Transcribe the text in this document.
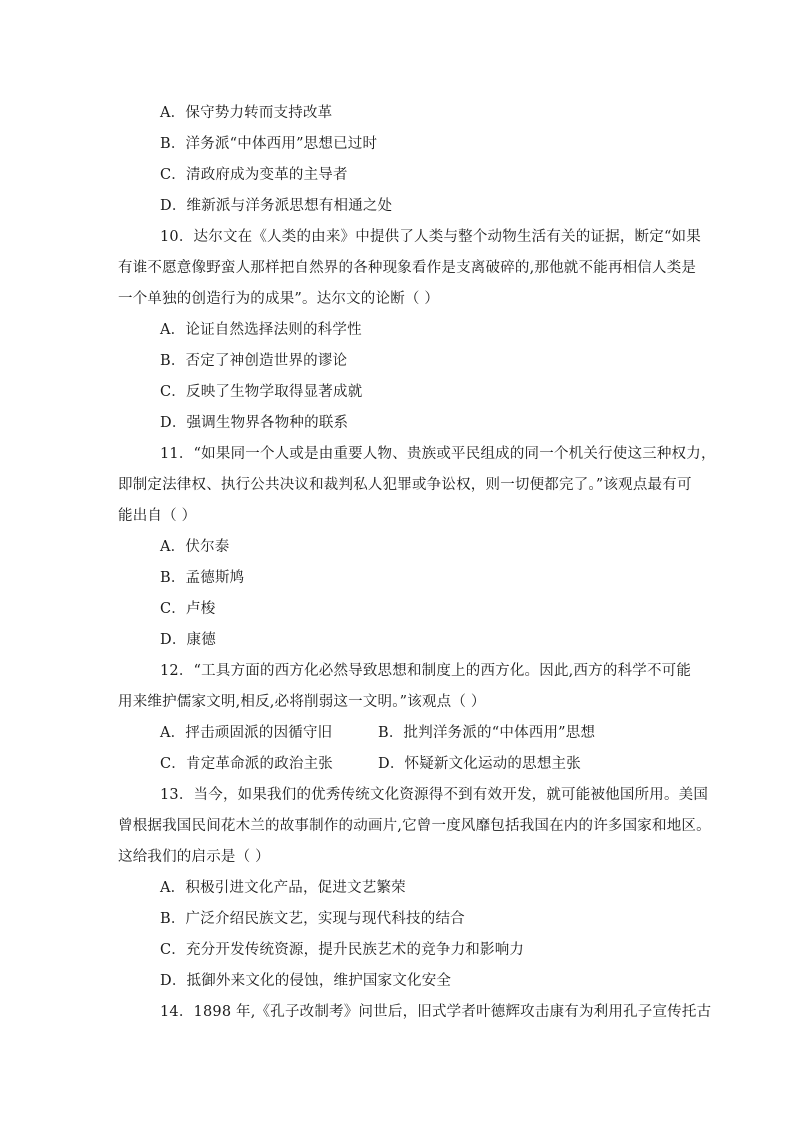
A．保守势力转而支持改革
B．洋务派“中体西用”思想已过时
C．清政府成为变革的主导者
D．维新派与洋务派思想有相通之处
10．达尔文在《人类的由来》中提供了人类与整个动物生活有关的证据，断定“如果
有谁不愿意像野蛮人那样把自然界的各种现象看作是支离破碎的,那他就不能再相信人类是
一个单独的创造行为的成果”。达尔文的论断（ ）
A．论证自然选择法则的科学性
B．否定了神创造世界的谬论
C．反映了生物学取得显著成就
D．强调生物界各物种的联系
11．“如果同一个人或是由重要人物、贵族或平民组成的同一个机关行使这三种权力，
即制定法律权、执行公共决议和裁判私人犯罪或争讼权，则一切便都完了。”该观点最有可
能出自（ ）
A．伏尔泰
B．孟德斯鸠
C．卢梭
D．康德
12．“工具方面的西方化必然导致思想和制度上的西方化。因此,西方的科学不可能
用来维护儒家文明,相反,必将削弱这一文明。”该观点（ ）
A．抨击顽固派的因循守旧	B．批判洋务派的“中体西用”思想
C．肯定革命派的政治主张	D．怀疑新文化运动的思想主张
13．当今，如果我们的优秀传统文化资源得不到有效开发，就可能被他国所用。美国
曾根据我国民间花木兰的故事制作的动画片,它曾一度风靡包括我国在内的许多国家和地区。
这给我们的启示是（ ）
A．积极引进文化产品，促进文艺繁荣
B．广泛介绍民族文艺，实现与现代科技的结合
C．充分开发传统资源，提升民族艺术的竞争力和影响力
D．抵御外来文化的侵蚀，维护国家文化安全
14．1898 年,《孔子改制考》问世后，旧式学者叶德辉攻击康有为利用孔子宣传托古
